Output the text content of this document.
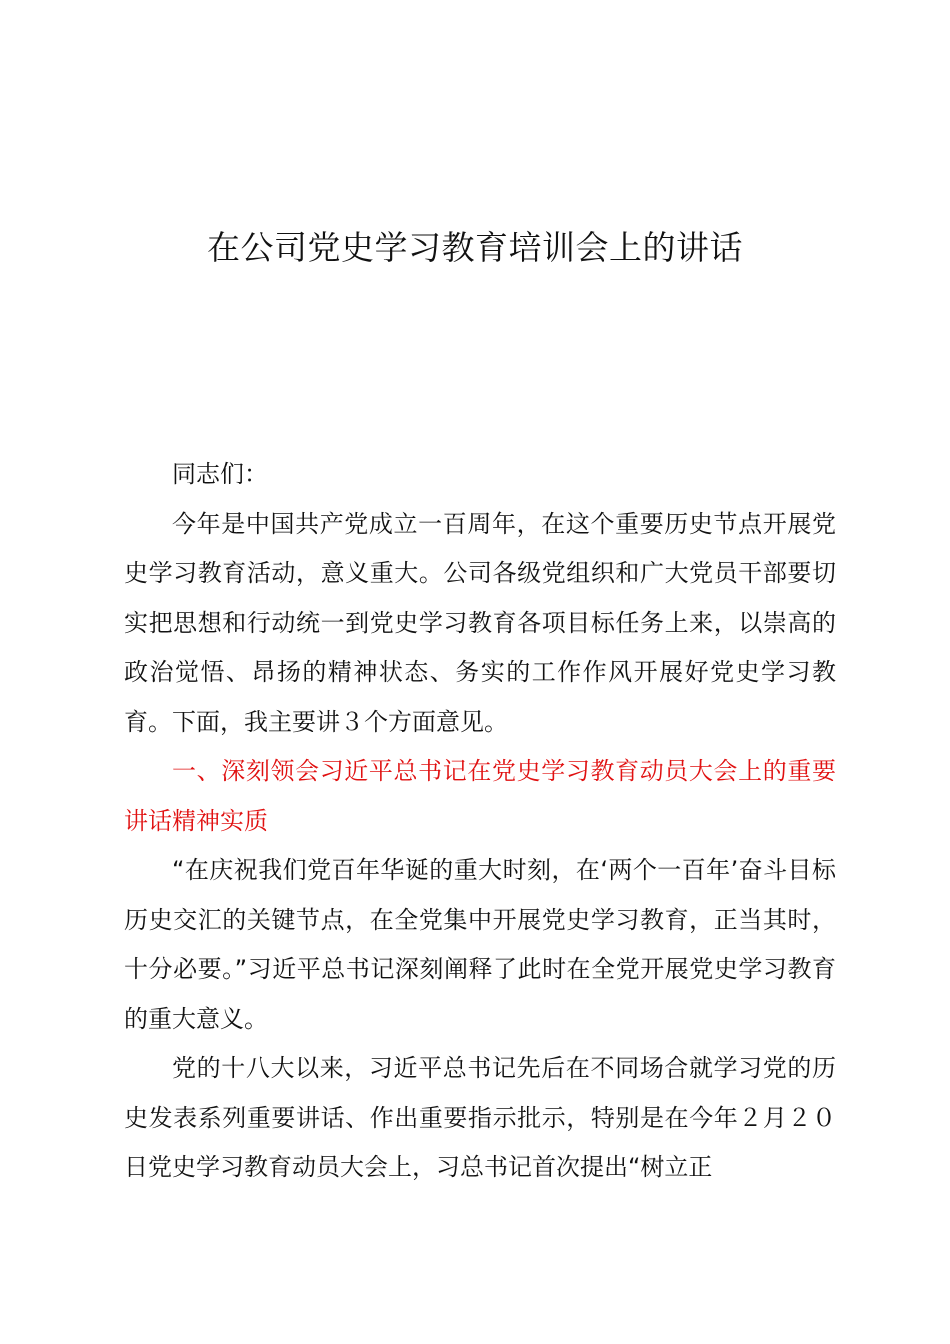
在公司党史学习教育培训会上的讲话

同志们：

今年是中国共产党成立一百周年，在这个重要历史节点开展党史学习教育活动，意义重大。公司各级党组织和广大党员干部要切实把思想和行动统一到党史学习教育各项目标任务上来，以崇高的政治觉悟、昂扬的精神状态、务实的工作作风开展好党史学习教育。下面，我主要讲３个方面意见。

一、深刻领会习近平总书记在党史学习教育动员大会上的重要讲话精神实质

“在庆祝我们党百年华诞的重大时刻，在‘两个一百年’奋斗目标历史交汇的关键节点，在全党集中开展党史学习教育，正当其时，十分必要。”习近平总书记深刻阐释了此时在全党开展党史学习教育的重大意义。

党的十八大以来，习近平总书记先后在不同场合就学习党的历史发表系列重要讲话、作出重要指示批示，特别是在今年２月２０日党史学习教育动员大会上，习总书记首次提出“树立正
